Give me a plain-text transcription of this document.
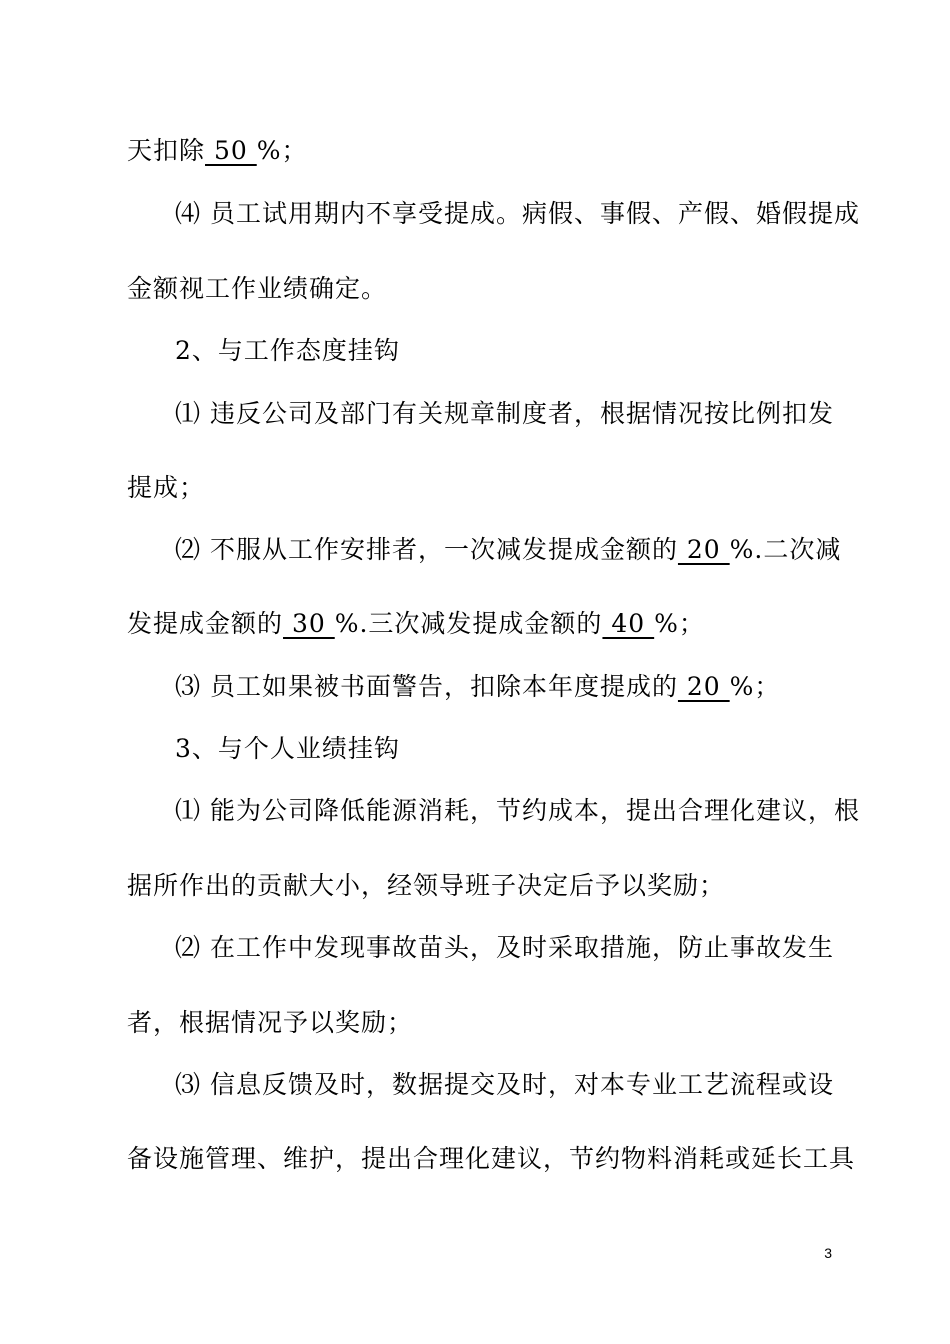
天扣除 50 %；
⑷ 员工试用期内不享受提成。病假、事假、产假、婚假提成
金额视工作业绩确定。
2、与工作态度挂钩
⑴ 违反公司及部门有关规章制度者，根据情况按比例扣发
提成；
⑵ 不服从工作安排者，一次减发提成金额的 20 %.二次减
发提成金额的 30 %.三次减发提成金额的 40 %；
⑶ 员工如果被书面警告，扣除本年度提成的 20 %；
3、与个人业绩挂钩
⑴ 能为公司降低能源消耗，节约成本，提出合理化建议，根
据所作出的贡献大小，经领导班子决定后予以奖励；
⑵ 在工作中发现事故苗头，及时采取措施，防止事故发生
者，根据情况予以奖励；
⑶ 信息反馈及时，数据提交及时，对本专业工艺流程或设
备设施管理、维护，提出合理化建议，节约物料消耗或延长工具
3
